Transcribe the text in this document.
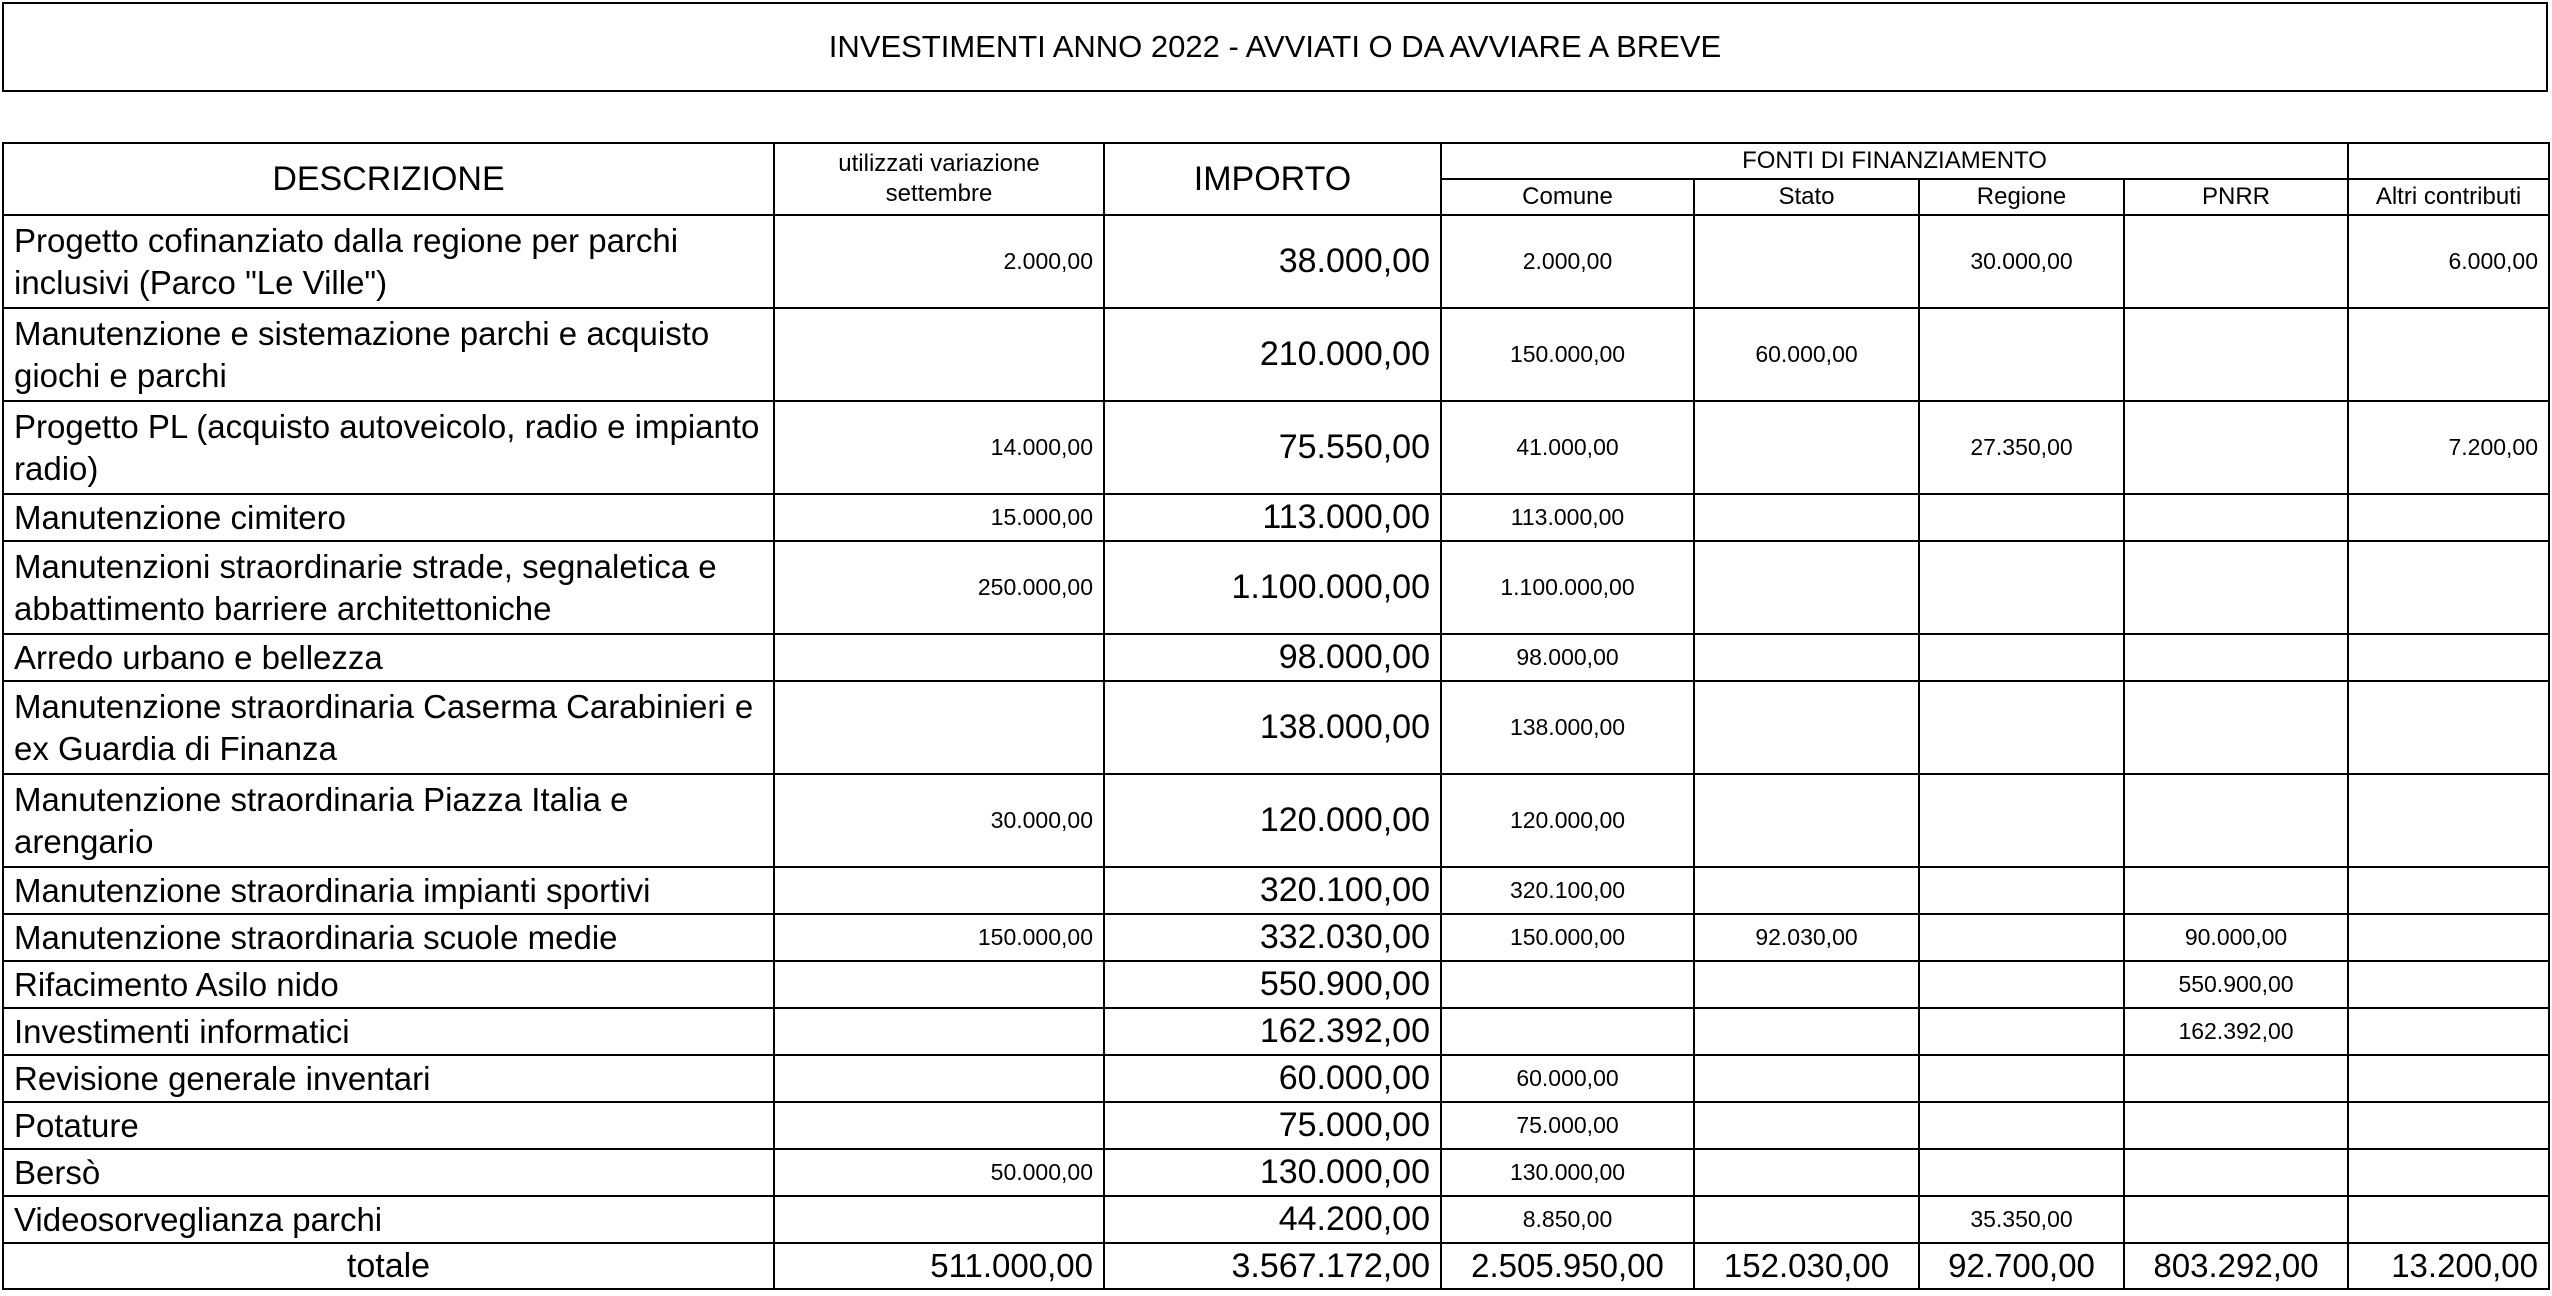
INVESTIMENTI ANNO 2022 - AVVIATI O DA AVVIARE A BREVE
DESCRIZIONE	utilizzati variazione settembre	IMPORTO	FONTI DI FINANZIAMENTO				
			Comune	Stato	Regione	PNRR	Altri contributi
Progetto cofinanziato dalla regione per parchi inclusivi (Parco "Le Ville")	2.000,00	38.000,00	2.000,00		30.000,00		6.000,00
Manutenzione e sistemazione parchi e acquisto giochi e parchi		210.000,00	150.000,00	60.000,00			
Progetto PL (acquisto autoveicolo, radio e impianto radio)	14.000,00	75.550,00	41.000,00		27.350,00		7.200,00
Manutenzione cimitero	15.000,00	113.000,00	113.000,00				
Manutenzioni straordinarie strade, segnaletica e abbattimento barriere architettoniche	250.000,00	1.100.000,00	1.100.000,00				
Arredo urbano e bellezza		98.000,00	98.000,00				
Manutenzione straordinaria Caserma Carabinieri e ex Guardia di Finanza		138.000,00	138.000,00				
Manutenzione straordinaria Piazza Italia e arengario	30.000,00	120.000,00	120.000,00				
Manutenzione straordinaria impianti sportivi		320.100,00	320.100,00				
Manutenzione straordinaria scuole medie	150.000,00	332.030,00	150.000,00	92.030,00		90.000,00	
Rifacimento Asilo nido		550.900,00				550.900,00	
Investimenti informatici		162.392,00				162.392,00	
Revisione generale inventari		60.000,00	60.000,00				
Potature		75.000,00	75.000,00				
Bersò	50.000,00	130.000,00	130.000,00				
Videosorveglianza parchi		44.200,00	8.850,00		35.350,00		
totale	511.000,00	3.567.172,00	2.505.950,00	152.030,00	92.700,00	803.292,00	13.200,00
